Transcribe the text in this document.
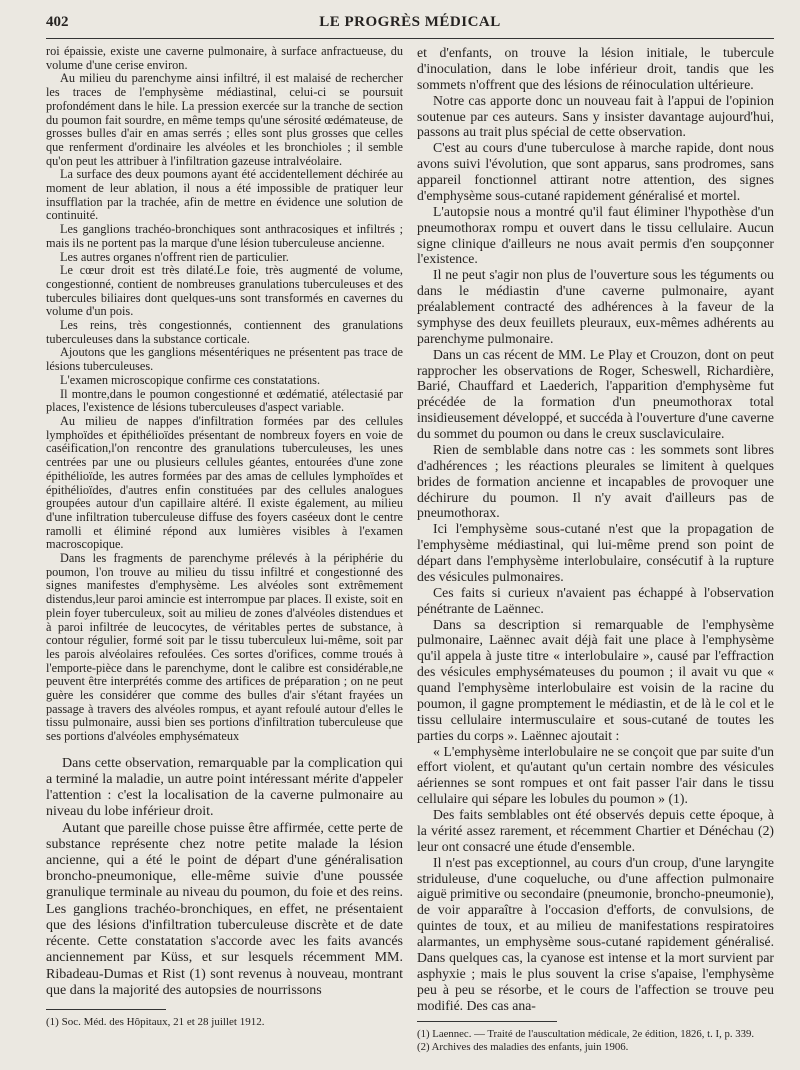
402	LE PROGRÈS MÉDICAL

roi épaissie, existe une caverne pulmonaire, à surface anfractueuse, du volume d'une cerise environ.

Au milieu du parenchyme ainsi infiltré, il est malaisé de rechercher les traces de l'emphysème médiastinal, celui-ci se poursuit profondément dans le hile. La pression exercée sur la tranche de section du poumon fait sourdre, en même temps qu'une sérosité œdémateuse, de grosses bulles d'air en amas serrés ; elles sont plus grosses que celles que renferment d'ordinaire les alvéoles et les bronchioles ; il semble qu'on peut les attribuer à l'infiltration gazeuse intralvéolaire.

La surface des deux poumons ayant été accidentellement déchirée au moment de leur ablation, il nous a été impossible de pratiquer leur insufflation par la trachée, afin de mettre en évidence une solution de continuité.

Les ganglions trachéo-bronchiques sont anthracosiques et infiltrés ; mais ils ne portent pas la marque d'une lésion tuberculeuse ancienne.

Les autres organes n'offrent rien de particulier.

Le cœur droit est très dilaté.Le foie, très augmenté de volume, congestionné, contient de nombreuses granulations tuberculeuses et des tubercules biliaires dont quelques-uns sont transformés en cavernes du volume d'un pois.

Les reins, très congestionnés, contiennent des granulations tuberculeuses dans la substance corticale.

Ajoutons que les ganglions mésentériques ne présentent pas trace de lésions tuberculeuses.

L'examen microscopique confirme ces constatations.

Il montre,dans le poumon congestionné et œdématié, atélectasié par places, l'existence de lésions tuberculeuses d'aspect variable.

Au milieu de nappes d'infiltration formées par des cellules lymphoïdes et épithélioïdes présentant de nombreux foyers en voie de caséification,l'on rencontre des granulations tuberculeuses, les unes centrées par une ou plusieurs cellules géantes, entourées d'une zone épithélioïde, les autres formées par des amas de cellules lymphoïdes et épithélioïdes, d'autres enfin constituées par des cellules analogues groupées autour d'un capillaire altéré. Il existe également, au milieu d'une infiltration tuberculeuse diffuse des foyers caséeux dont le centre ramolli et éliminé répond aux lumières visibles à l'examen macroscopique.

Dans les fragments de parenchyme prélevés à la périphérie du poumon, l'on trouve au milieu du tissu infiltré et congestionné des signes manifestes d'emphysème. Les alvéoles sont extrêmement distendus,leur paroi amincie est interrompue par places. Il existe, soit en plein foyer tuberculeux, soit au milieu de zones d'alvéoles distendues et à paroi infiltrée de leucocytes, de véritables pertes de substance, à contour régulier, formé soit par le tissu tuberculeux lui-même, soit par les parois alvéolaires refoulées. Ces sortes d'orifices, comme troués à l'emporte-pièce dans le parenchyme, dont le calibre est considérable,ne peuvent être interprétés comme des artifices de préparation ; on ne peut guère les considérer que comme des bulles d'air s'étant frayées un passage à travers des alvéoles rompus, et ayant refoulé autour d'elles le tissu pulmonaire, aussi bien ses portions d'infiltration tuberculeuse que ses portions d'alvéoles emphysémateux

Dans cette observation, remarquable par la complication qui a terminé la maladie, un autre point intéressant mérite d'appeler l'attention : c'est la localisation de la caverne pulmonaire au niveau du lobe inférieur droit.

Autant que pareille chose puisse être affirmée, cette perte de substance représente chez notre petite malade la lésion ancienne, qui a été le point de départ d'une généralisation broncho-pneumonique, elle-même suivie d'une poussée granulique terminale au niveau du poumon, du foie et des reins. Les ganglions trachéo-bronchiques, en effet, ne présentaient que des lésions d'infiltration tuberculeuse discrète et de date récente. Cette constatation s'accorde avec les faits avancés anciennement par Küss, et sur lesquels récemment MM. Ribadeau-Dumas et Rist (1) sont revenus à nouveau, montrant que dans la majorité des autopsies de nourrissons

(1) Soc. Méd. des Hôpitaux, 21 et 28 juillet 1912.

et d'enfants, on trouve la lésion initiale, le tubercule d'inoculation, dans le lobe inférieur droit, tandis que les sommets n'offrent que des lésions de réinoculation ultérieure.

Notre cas apporte donc un nouveau fait à l'appui de l'opinion soutenue par ces auteurs. Sans y insister davantage aujourd'hui, passons au trait plus spécial de cette observation.

C'est au cours d'une tuberculose à marche rapide, dont nous avons suivi l'évolution, que sont apparus, sans prodromes, sans appareil fonctionnel attirant notre attention, des signes d'emphysème sous-cutané rapidement généralisé et mortel.

L'autopsie nous a montré qu'il faut éliminer l'hypothèse d'un pneumothorax rompu et ouvert dans le tissu cellulaire. Aucun signe clinique d'ailleurs ne nous avait permis d'en soupçonner l'existence.

Il ne peut s'agir non plus de l'ouverture sous les téguments ou dans le médiastin d'une caverne pulmonaire, ayant préalablement contracté des adhérences à la faveur de la symphyse des deux feuillets pleuraux, eux-mêmes adhérents au parenchyme pulmonaire.

Dans un cas récent de MM. Le Play et Crouzon, dont on peut rapprocher les observations de Roger, Scheswell, Richardière, Barié, Chauffard et Laederich, l'apparition d'emphysème fut précédée de la formation d'un pneumothorax total insidieusement développé, et succéda à l'ouverture d'une caverne du sommet du poumon ou dans le creux susclaviculaire.

Rien de semblable dans notre cas : les sommets sont libres d'adhérences ; les réactions pleurales se limitent à quelques brides de formation ancienne et incapables de provoquer une déchirure du poumon. Il n'y avait d'ailleurs pas de pneumothorax.

Ici l'emphysème sous-cutané n'est que la propagation de l'emphysème médiastinal, qui lui-même prend son point de départ dans l'emphysème interlobulaire, consécutif à la rupture des vésicules pulmonaires.

Ces faits si curieux n'avaient pas échappé à l'observation pénétrante de Laënnec.

Dans sa description si remarquable de l'emphysème pulmonaire, Laënnec avait déjà fait une place à l'emphysème qu'il appela à juste titre « interlobulaire », causé par l'effraction des vésicules emphysémateuses du poumon ; il avait vu que « quand l'emphysème interlobulaire est voisin de la racine du poumon, il gagne promptement le médiastin, et de là le col et le tissu cellulaire intermusculaire et sous-cutané de toutes les parties du corps ». Laënnec ajoutait :

« L'emphysème interlobulaire ne se conçoit que par suite d'un effort violent, et qu'autant qu'un certain nombre des vésicules aériennes se sont rompues et ont fait passer l'air dans le tissu cellulaire qui sépare les lobules du poumon » (1).

Des faits semblables ont été observés depuis cette époque, à la vérité assez rarement, et récemment Chartier et Dénéchau (2) leur ont consacré une étude d'ensemble.

Il n'est pas exceptionnel, au cours d'un croup, d'une laryngite striduleuse, d'une coqueluche, ou d'une affection pulmonaire aiguë primitive ou secondaire (pneumonie, broncho-pneumonie), de voir apparaître à l'occasion d'efforts, de convulsions, de quintes de toux, et au milieu de manifestations respiratoires alarmantes, un emphysème sous-cutané rapidement généralisé. Dans quelques cas, la cyanose est intense et la mort survient par asphyxie ; mais le plus souvent la crise s'apaise, l'emphysème peu à peu se résorbe, et le cours de l'affection se trouve peu modifié. Des cas ana-

(1) Laennec. — Traité de l'auscultation médicale, 2e édition, 1826, t. I, p. 339.

(2) Archives des maladies des enfants, juin 1906.
